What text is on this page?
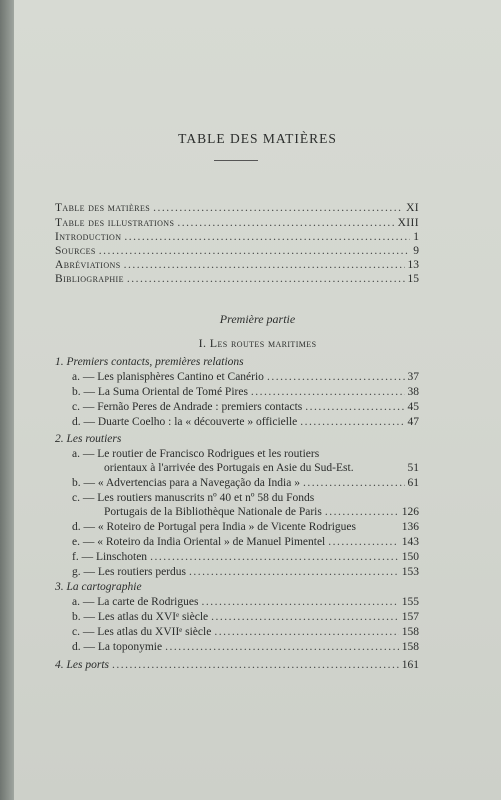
TABLE DES MATIÈRES
Table des matières .....	XI
Table des illustrations .....	XIII
Introduction .....	1
Sources .....	9
Abréviations .....	13
Bibliographie .....	15
Première partie
I. Les routes maritimes
1. Premiers contacts, premières relations
a. — Les planisphères Cantino et Canério .....	37
b. — La Suma Oriental de Tomé Pires .....	38
c. — Fernão Peres de Andrade : premiers contacts .....	45
d. — Duarte Coelho : la « découverte » officielle .....	47
2. Les routiers
a. — Le routier de Francisco Rodrigues et les routiers
orientaux à l'arrivée des Portugais en Asie du Sud-Est.	51
b. — « Advertencias para a Navegação da India » .....	61
c. — Les routiers manuscrits nº 40 et nº 58 du Fonds
Portugais de la Bibliothèque Nationale de Paris .....	126
d. — « Roteiro de Portugal pera India » de Vicente Rodrigues	136
e. — « Roteiro da India Oriental » de Manuel Pimentel .....	143
f. — Linschoten .....	150
g. — Les routiers perdus .....	153
3. La cartographie
a. — La carte de Rodrigues .....	155
b. — Les atlas du XVIᵉ siècle .....	157
c. — Les atlas du XVIIᵉ siècle .....	158
d. — La toponymie .....	158
4. Les ports .....	161
